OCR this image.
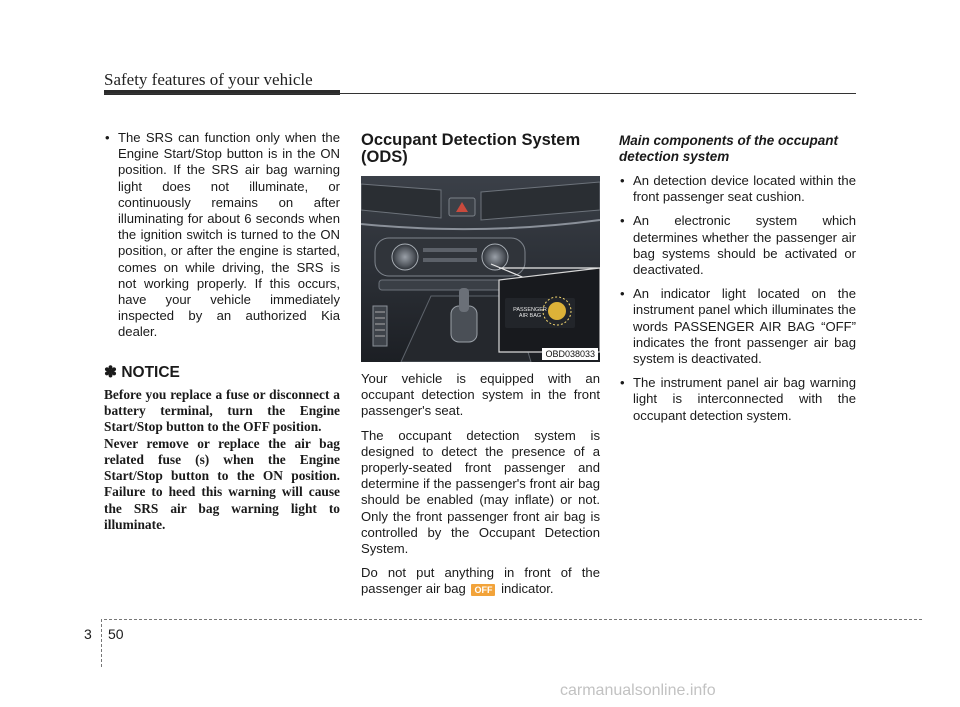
Safety features of your vehicle
• The SRS can function only when the Engine Start/Stop button is in the ON position. If the SRS air bag warning light does not illuminate, or continuously remains on after illuminating for about 6 seconds when the ignition switch is turned to the ON position, or after the engine is started, comes on while driving, the SRS is not working properly. If this occurs, have your vehicle immediately inspected by an authorized Kia dealer.
✽ NOTICE

Before you replace a fuse or disconnect a battery terminal, turn the Engine Start/Stop button to the OFF position.

Never remove or replace the air bag related fuse (s) when the Engine Start/Stop button to the ON position. Failure to heed this warning will cause the SRS air bag warning light to illuminate.

Occupant Detection System (ODS)
PASSENGER
AIR BAG
OBD038033

Your vehicle is equipped with an occupant detection system in the front passenger's seat.

The occupant detection system is designed to detect the presence of a properly-seated front passenger and determine if the passenger's front air bag should be enabled (may inflate) or not. Only the front passenger front air bag is controlled by the Occupant Detection System.

Do not put anything in front of the passenger air bag OFF indicator.

Main components of the occupant detection system
• An detection device located within the front passenger seat cushion.
• An electronic system which determines whether the passenger air bag systems should be activated or deactivated.
• An indicator light located on the instrument panel which illuminates the words PASSENGER AIR BAG “OFF” indicates the front passenger air bag system is deactivated.
• The instrument panel air bag warning light is interconnected with the occupant detection system.
3 50
carmanualsonline.info
